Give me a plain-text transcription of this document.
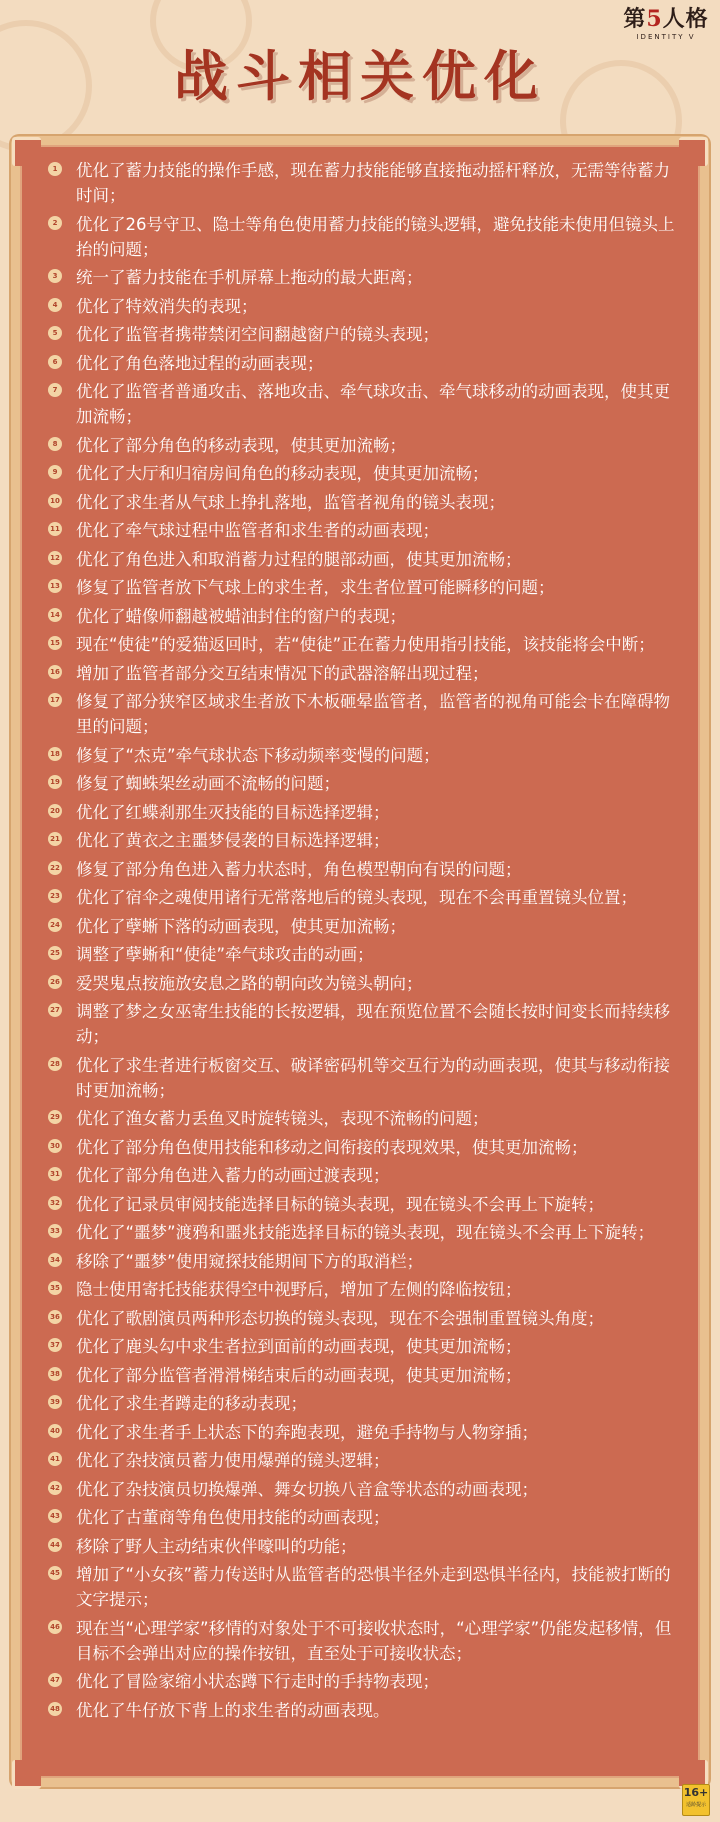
第5人格
IDENTITY V
战斗相关优化
1 优化了蓄力技能的操作手感，现在蓄力技能能够直接拖动摇杆释放，无需等待蓄力时间；
2 优化了26号守卫、隐士等角色使用蓄力技能的镜头逻辑，避免技能未使用但镜头上抬的问题；
3 统一了蓄力技能在手机屏幕上拖动的最大距离；
4 优化了特效消失的表现；
5 优化了监管者携带禁闭空间翻越窗户的镜头表现；
6 优化了角色落地过程的动画表现；
7 优化了监管者普通攻击、落地攻击、牵气球攻击、牵气球移动的动画表现，使其更加流畅；
8 优化了部分角色的移动表现，使其更加流畅；
9 优化了大厅和归宿房间角色的移动表现，使其更加流畅；
10 优化了求生者从气球上挣扎落地，监管者视角的镜头表现；
11 优化了牵气球过程中监管者和求生者的动画表现；
12 优化了角色进入和取消蓄力过程的腿部动画，使其更加流畅；
13 修复了监管者放下气球上的求生者，求生者位置可能瞬移的问题；
14 优化了蜡像师翻越被蜡油封住的窗户的表现；
15 现在“使徒”的爱猫返回时，若“使徒”正在蓄力使用指引技能，该技能将会中断；
16 增加了监管者部分交互结束情况下的武器溶解出现过程；
17 修复了部分狭窄区域求生者放下木板砸晕监管者，监管者的视角可能会卡在障碍物里的问题；
18 修复了“杰克”牵气球状态下移动频率变慢的问题；
19 修复了蜘蛛架丝动画不流畅的问题；
20 优化了红蝶刹那生灭技能的目标选择逻辑；
21 优化了黄衣之主噩梦侵袭的目标选择逻辑；
22 修复了部分角色进入蓄力状态时，角色模型朝向有误的问题；
23 优化了宿伞之魂使用诸行无常落地后的镜头表现，现在不会再重置镜头位置；
24 优化了孽蜥下落的动画表现，使其更加流畅；
25 调整了孽蜥和“使徒”牵气球攻击的动画；
26 爱哭鬼点按施放安息之路的朝向改为镜头朝向；
27 调整了梦之女巫寄生技能的长按逻辑，现在预览位置不会随长按时间变长而持续移动；
28 优化了求生者进行板窗交互、破译密码机等交互行为的动画表现，使其与移动衔接时更加流畅；
29 优化了渔女蓄力丢鱼叉时旋转镜头，表现不流畅的问题；
30 优化了部分角色使用技能和移动之间衔接的表现效果，使其更加流畅；
31 优化了部分角色进入蓄力的动画过渡表现；
32 优化了记录员审阅技能选择目标的镜头表现，现在镜头不会再上下旋转；
33 优化了“噩梦”渡鸦和噩兆技能选择目标的镜头表现，现在镜头不会再上下旋转；
34 移除了“噩梦”使用窥探技能期间下方的取消栏；
35 隐士使用寄托技能获得空中视野后，增加了左侧的降临按钮；
36 优化了歌剧演员两种形态切换的镜头表现，现在不会强制重置镜头角度；
37 优化了鹿头勾中求生者拉到面前的动画表现，使其更加流畅；
38 优化了部分监管者滑滑梯结束后的动画表现，使其更加流畅；
39 优化了求生者蹲走的移动表现；
40 优化了求生者手上状态下的奔跑表现，避免手持物与人物穿插；
41 优化了杂技演员蓄力使用爆弹的镜头逻辑；
42 优化了杂技演员切换爆弹、舞女切换八音盒等状态的动画表现；
43 优化了古董商等角色使用技能的动画表现；
44 移除了野人主动结束伙伴嚎叫的功能；
45 增加了“小女孩”蓄力传送时从监管者的恐惧半径外走到恐惧半径内，技能被打断的文字提示；
46 现在当“心理学家”移情的对象处于不可接收状态时，“心理学家”仍能发起移情，但目标不会弹出对应的操作按钮，直至处于可接收状态；
47 优化了冒险家缩小状态蹲下行走时的手持物表现；
48 优化了牛仔放下背上的求生者的动画表现。
16+
适龄提示
